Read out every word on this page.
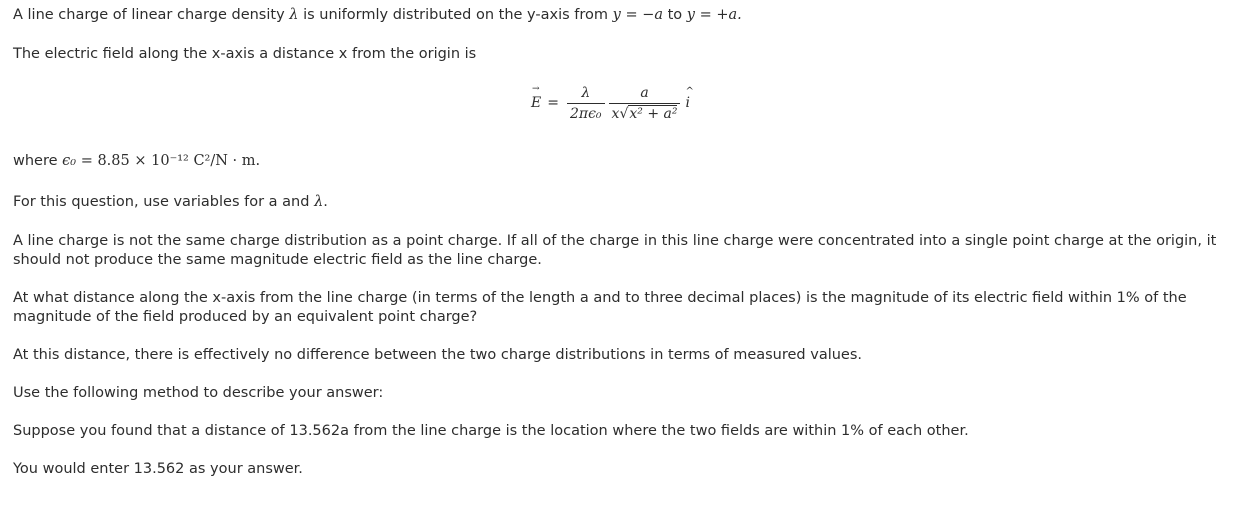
A line charge of linear charge density λ is uniformly distributed on the y-axis from y = −a to y = +a.

The electric field along the x-axis a distance x from the origin is

→ $E = \frac{\lambda}{\text{2πϵ₀}} \frac{a}{\text{x√x² + a²}}$
^ i

where ϵ₀ = 8.85 × 10⁻¹² C²/N · m.

For this question, use variables for a and λ.

A line charge is not the same charge distribution as a point charge. If all of the charge in this line charge were concentrated into a single point charge at the origin, it should not produce the same magnitude electric field as the line charge.

At what distance along the x-axis from the line charge (in terms of the length a and to three decimal places) is the magnitude of its electric field within 1% of the magnitude of the field produced by an equivalent point charge?

At this distance, there is effectively no difference between the two charge distributions in terms of measured values.

Use the following method to describe your answer:

Suppose you found that a distance of 13.562a from the line charge is the location where the two fields are within 1% of each other.

You would enter 13.562 as your answer.
